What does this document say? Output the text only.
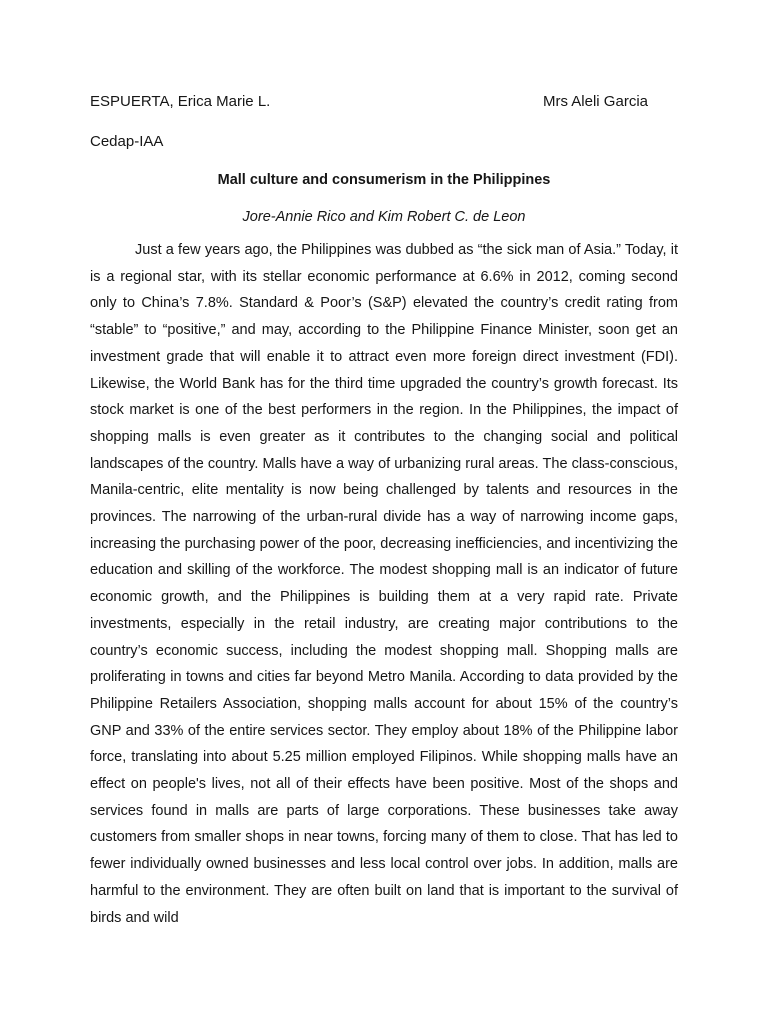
ESPUERTA, Erica Marie L.	Mrs Aleli Garcia
Cedap-IAA
Mall culture and consumerism in the Philippines
Jore-Annie Rico and Kim Robert C. de Leon

Just a few years ago, the Philippines was dubbed as “the sick man of Asia.” Today, it is a regional star, with its stellar economic performance at 6.6% in 2012, coming second only to China’s 7.8%. Standard & Poor’s (S&P) elevated the country’s credit rating from “stable” to “positive,” and may, according to the Philippine Finance Minister, soon get an investment grade that will enable it to attract even more foreign direct investment (FDI). Likewise, the World Bank has for the third time upgraded the country’s growth forecast. Its stock market is one of the best performers in the region. In the Philippines, the impact of shopping malls is even greater as it contributes to the changing social and political landscapes of the country. Malls have a way of urbanizing rural areas. The class-conscious, Manila-centric, elite mentality is now being challenged by talents and resources in the provinces. The narrowing of the urban-rural divide has a way of narrowing income gaps, increasing the purchasing power of the poor, decreasing inefficiencies, and incentivizing the education and skilling of the workforce. The modest shopping mall is an indicator of future economic growth, and the Philippines is building them at a very rapid rate. Private investments, especially in the retail industry, are creating major contributions to the country’s economic success, including the modest shopping mall. Shopping malls are proliferating in towns and cities far beyond Metro Manila. According to data provided by the Philippine Retailers Association, shopping malls account for about 15% of the country’s GNP and 33% of the entire services sector. They employ about 18% of the Philippine labor force, translating into about 5.25 million employed Filipinos. While shopping malls have an effect on people's lives, not all of their effects have been positive. Most of the shops and services found in malls are parts of large corporations. These businesses take away customers from smaller shops in near towns, forcing many of them to close. That has led to fewer individually owned businesses and less local control over jobs. In addition, malls are harmful to the environment. They are often built on land that is important to the survival of birds and wild
